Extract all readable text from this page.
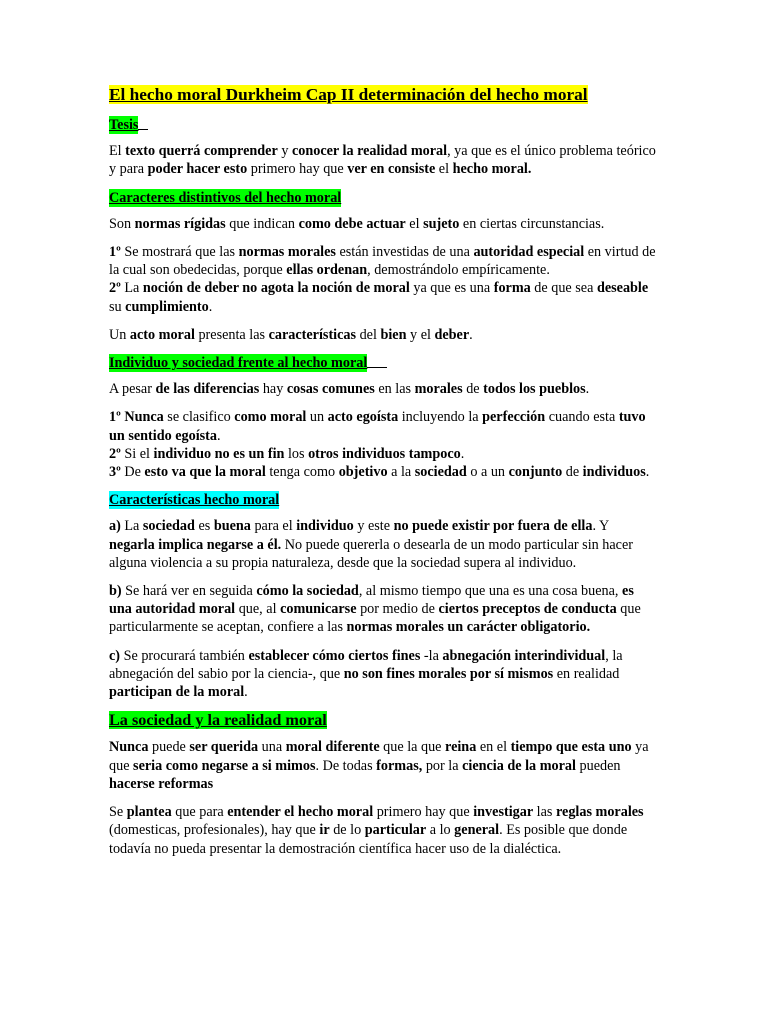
El hecho moral Durkheim Cap II determinación del hecho moral
Tesis

El texto querrá comprender y conocer la realidad moral, ya que es el único problema teórico y para poder hacer esto primero hay que ver en consiste el hecho moral.

Caracteres distintivos del hecho moral

Son normas rígidas que indican como debe actuar el sujeto en ciertas circunstancias.

1º Se mostrará que las normas morales están investidas de una autoridad especial en virtud de la cual son obedecidas, porque ellas ordenan, demostrándolo empíricamente.
2º La noción de deber no agota la noción de moral ya que es una forma de que sea deseable su cumplimiento.

Un acto moral presenta las características del bien y el deber.

Individuo y sociedad frente al hecho moral

A pesar de las diferencias hay cosas comunes en las morales de todos los pueblos.

1º Nunca se clasifico como moral un acto egoísta incluyendo la perfección cuando esta tuvo un sentido egoísta.
2º Si el individuo no es un fin los otros individuos tampoco.
3º De esto va que la moral tenga como objetivo a la sociedad o a un conjunto de individuos.

Características hecho moral

a) La sociedad es buena para el individuo y este no puede existir por fuera de ella. Y negarla implica negarse a él. No puede quererla o desearla de un modo particular sin hacer alguna violencia a su propia naturaleza, desde que la sociedad supera al individuo.

b) Se hará ver en seguida cómo la sociedad, al mismo tiempo que una es una cosa buena, es una autoridad moral que, al comunicarse por medio de ciertos preceptos de conducta que particularmente se aceptan, confiere a las normas morales un carácter obligatorio.

c) Se procurará también establecer cómo ciertos fines -la abnegación interindividual, la abnegación del sabio por la ciencia-, que no son fines morales por sí mismos en realidad participan de la moral.

La sociedad y la realidad moral

Nunca puede ser querida una moral diferente que la que reina en el tiempo que esta uno ya que seria como negarse a si mimos. De todas formas, por la ciencia de la moral pueden hacerse reformas

Se plantea que para entender el hecho moral primero hay que investigar las reglas morales (domesticas, profesionales), hay que ir de lo particular a lo general. Es posible que donde todavía no pueda presentar la demostración científica hacer uso de la dialéctica.
